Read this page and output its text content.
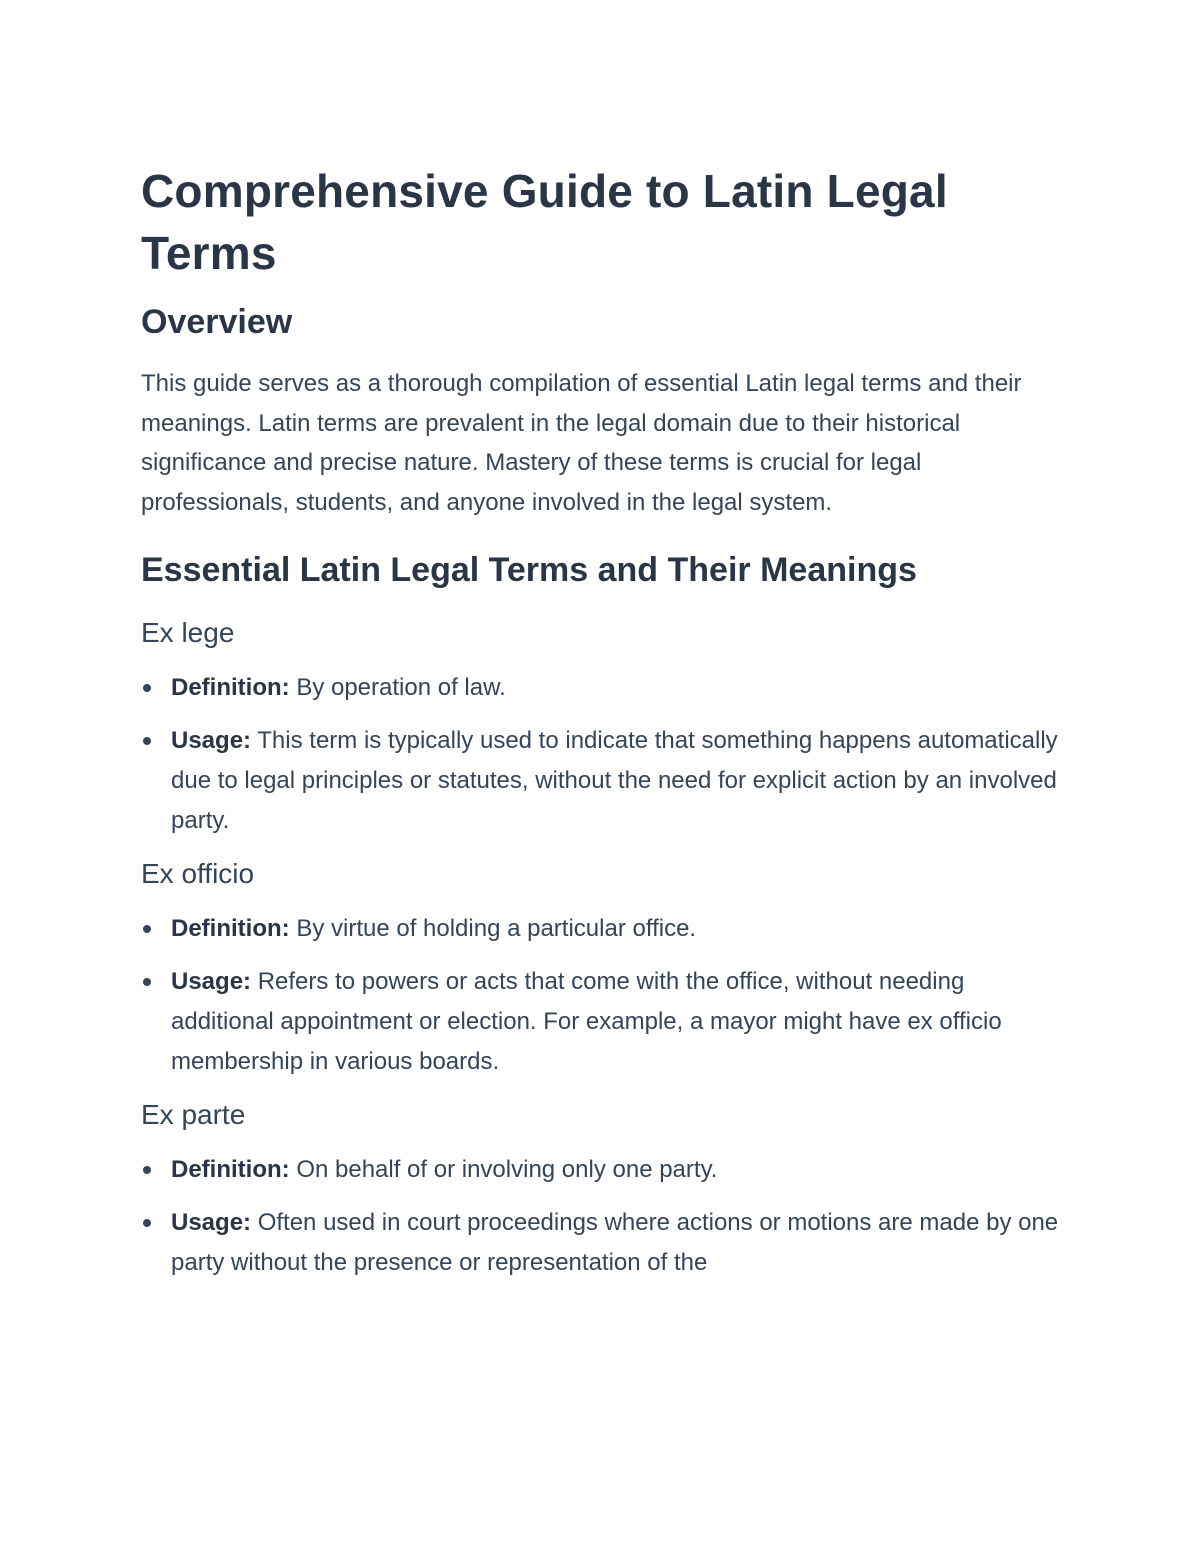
Comprehensive Guide to Latin Legal Terms
Overview

This guide serves as a thorough compilation of essential Latin legal terms and their meanings. Latin terms are prevalent in the legal domain due to their historical significance and precise nature. Mastery of these terms is crucial for legal professionals, students, and anyone involved in the legal system.

Essential Latin Legal Terms and Their Meanings
Ex lege
Definition: By operation of law.
Usage: This term is typically used to indicate that something happens automatically due to legal principles or statutes, without the need for explicit action by an involved party.
Ex officio
Definition: By virtue of holding a particular office.
Usage: Refers to powers or acts that come with the office, without needing additional appointment or election. For example, a mayor might have ex officio membership in various boards.
Ex parte
Definition: On behalf of or involving only one party.
Usage: Often used in court proceedings where actions or motions are made by one party without the presence or representation of the
